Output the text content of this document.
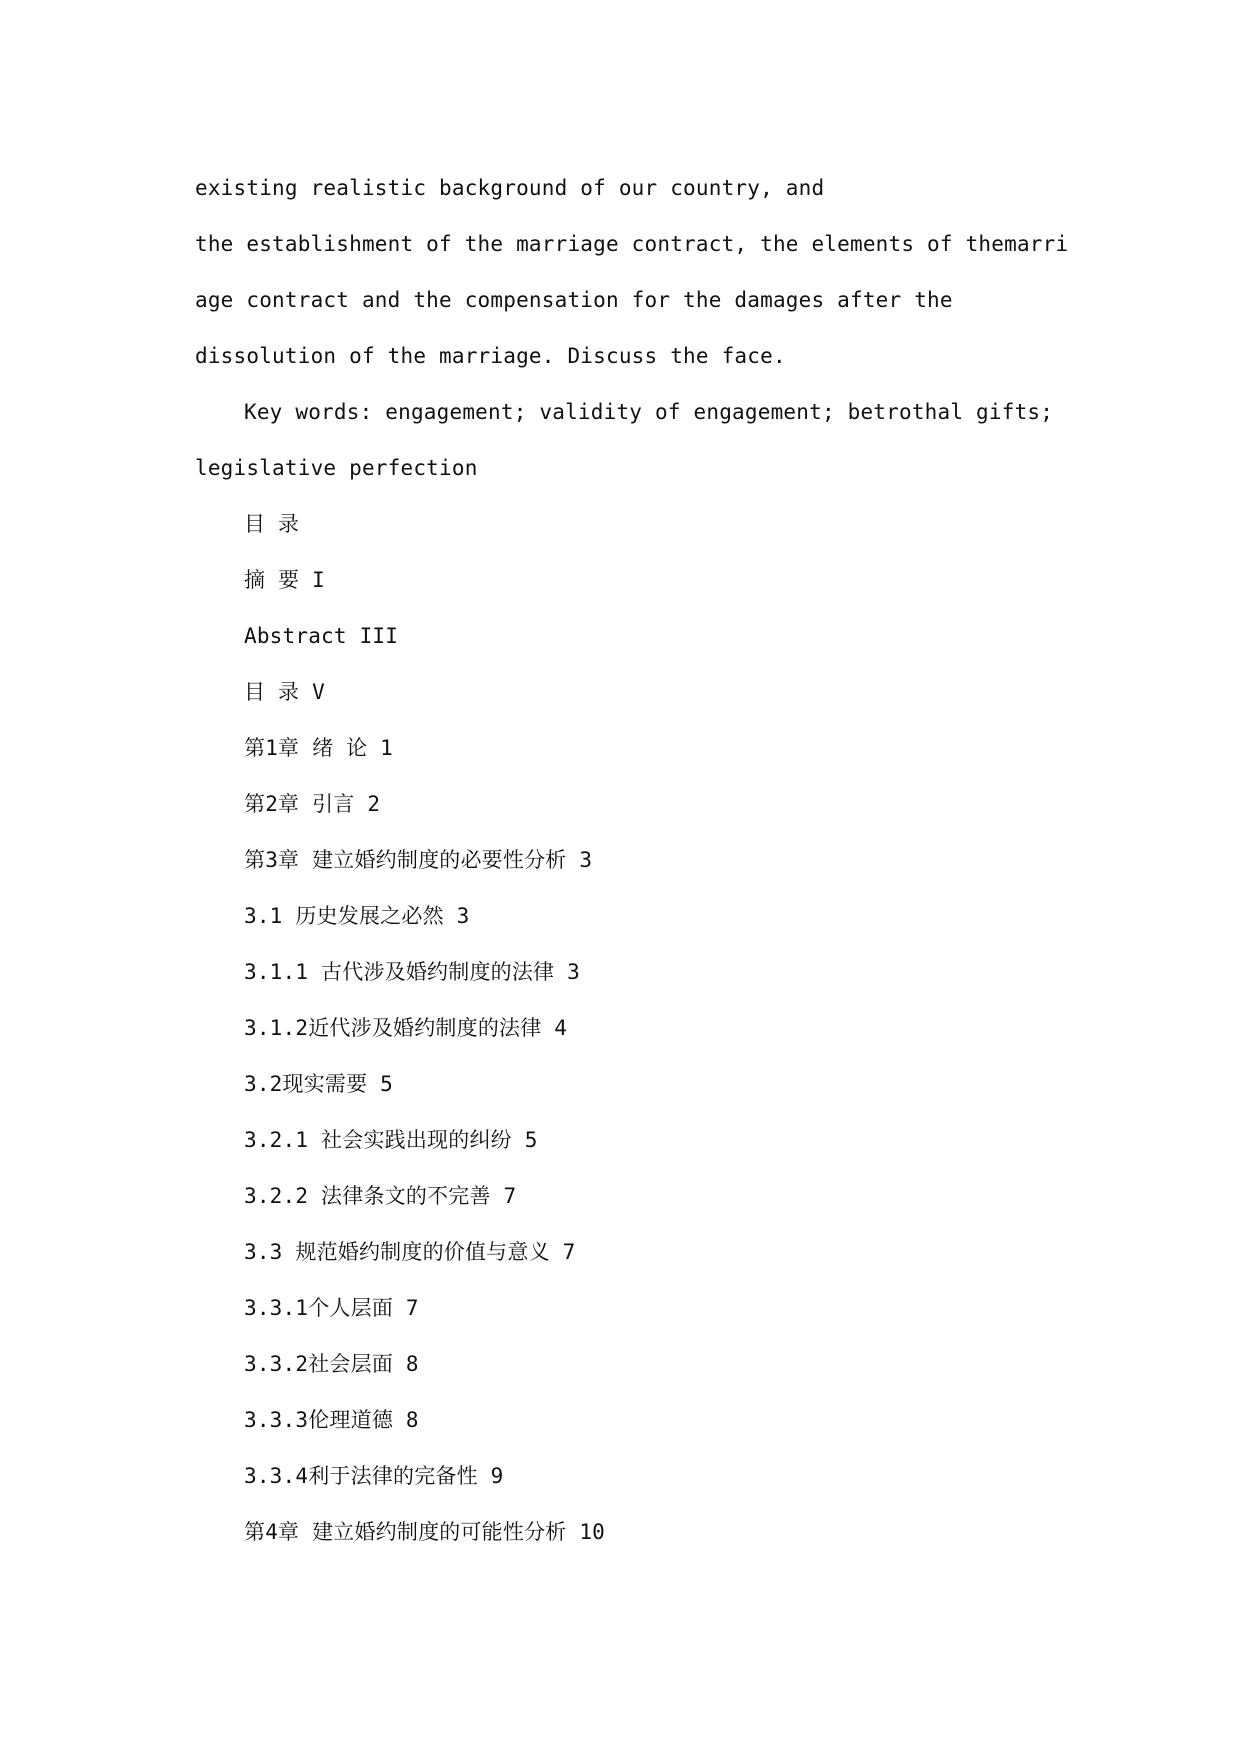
existing realistic background of our country, and
the establishment of the marriage contract, the elements of themarri
age contract and the compensation for the damages after the
dissolution of the marriage. Discuss the face.
Key words: engagement; validity of engagement; betrothal gifts;
legislative perfection
目 录
摘 要 I
Abstract III
目 录 V
第1章 绪 论 1
第2章 引言 2
第3章 建立婚约制度的必要性分析 3
3.1 历史发展之必然 3
3.1.1 古代涉及婚约制度的法律 3
3.1.2近代涉及婚约制度的法律 4
3.2现实需要 5
3.2.1 社会实践出现的纠纷 5
3.2.2 法律条文的不完善 7
3.3 规范婚约制度的价值与意义 7
3.3.1个人层面 7
3.3.2社会层面 8
3.3.3伦理道德 8
3.3.4利于法律的完备性 9
第4章 建立婚约制度的可能性分析 10
